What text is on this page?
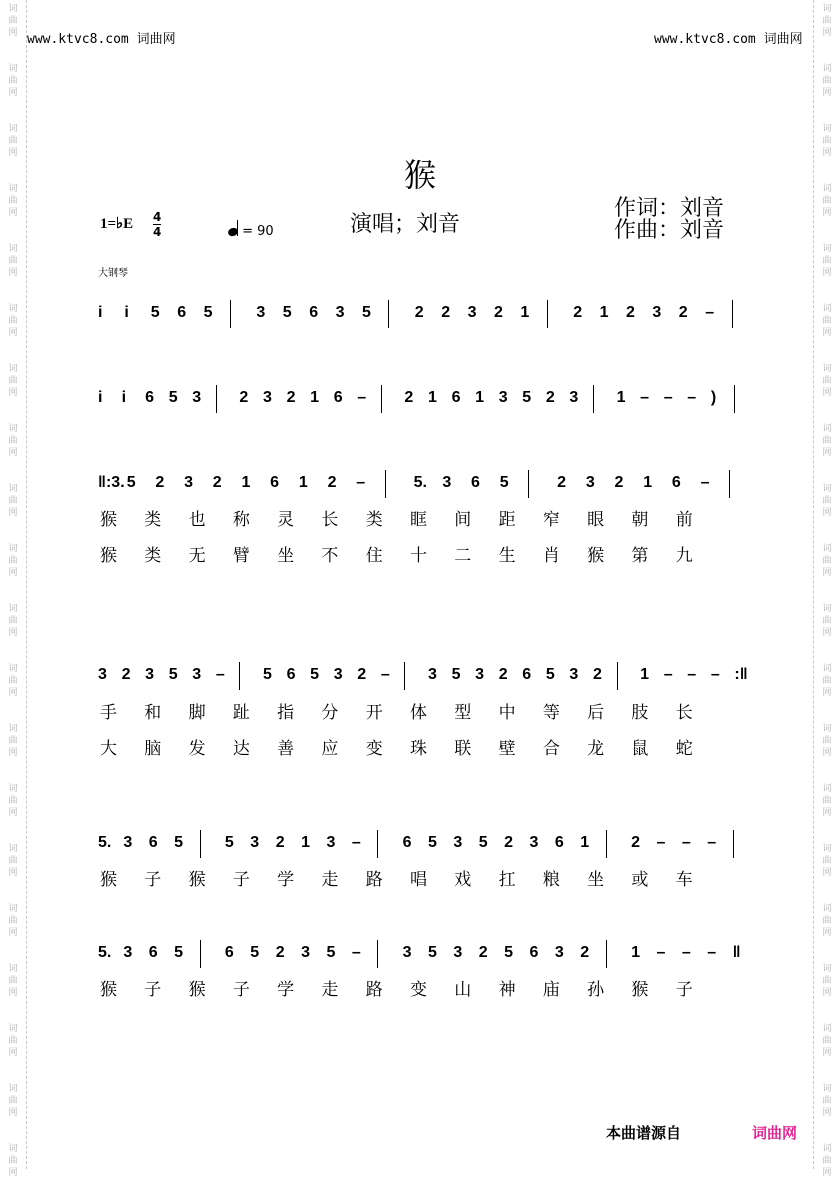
词
曲
网
词
曲
网
词
曲
网
词
曲
网
词
曲
网
词
曲
网
词
曲
网
词
曲
网
词
曲
网
词
曲
网
词
曲
网
词
曲
网
词
曲
网
词
曲
网
词
曲
网
词
曲
网
词
曲
网
词
曲
网
词
曲
网
词
曲
网
词
曲
网
词
曲
网
词
曲
网
词
曲
网
词
曲
网
词
曲
网
词
曲
网
词
曲
网
词
曲
网
词
曲
网
词
曲
网
词
曲
网
词
曲
网
词
曲
网
词
曲
网
词
曲
网
词
曲
网
词
曲
网
词
曲
网
词
曲
网
www.ktvc8.com 词曲网	www.ktvc8.com 词曲网
猴
1=♭E 4
4	= 90	演唱；刘音
作词：刘音
作曲：刘音
大钢琴
i i 5 6 5	3 5 6 3 5	2 2 3 2 1	2 1 2 3 2 –
i i 6 5 3 2 3 2 1 6 – 2 1 6 1 3 5 2 3 1 – – – )
‖:3. 5 2 3 2 1 6 1 2 –	5. 3 6 5	2 3 2 1 6 –
3 2 3 5 3 – 5 6 5 3 2 – 3 5 3 2 6 5 3 2 1 – – – :‖
5. 3 6 5	5 3 2 1 3 –	6 5 3 5 2 3 6 1	2 – – –
5. 3 6 5	6 5 2 3 5 –	3 5 3 2 5 6 3 2	1 – – – ‖
猴 类 也 称 灵 长 类 眶 间 距 窄 眼 朝 前
猴 类 无 臂 坐 不 住 十 二 生 肖 猴 第 九
手 和 脚 趾 指 分 开 体 型 中 等 后 肢 长
大 脑 发 达 善 应 变 珠 联 壁 合 龙 鼠 蛇
猴 子 猴 子 学 走 路 唱 戏 扛 粮 坐 或 车
猴 子 猴 子 学 走 路 变 山 神 庙 孙 猴 子
本曲谱源自	词曲网
